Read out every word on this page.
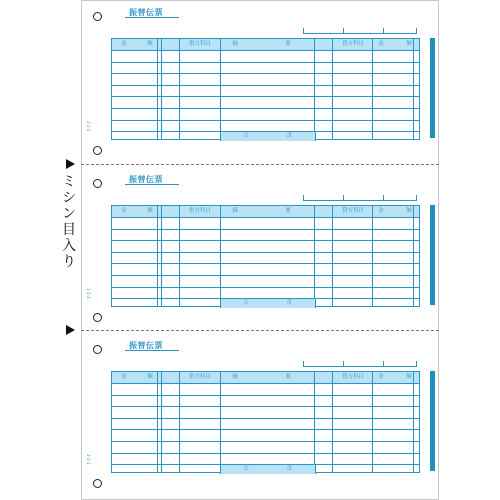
ミ
シ
ン
目
入
り
振替伝票
金	額	借方科目	摘	要	貸方科目	金	額
合	計
1-1-1
振替伝票
金	額	借方科目	摘	要	貸方科目	金	額
合	計
1-1-1
振替伝票
金	額	借方科目	摘	要	貸方科目	金	額
合	計
1-1-1
